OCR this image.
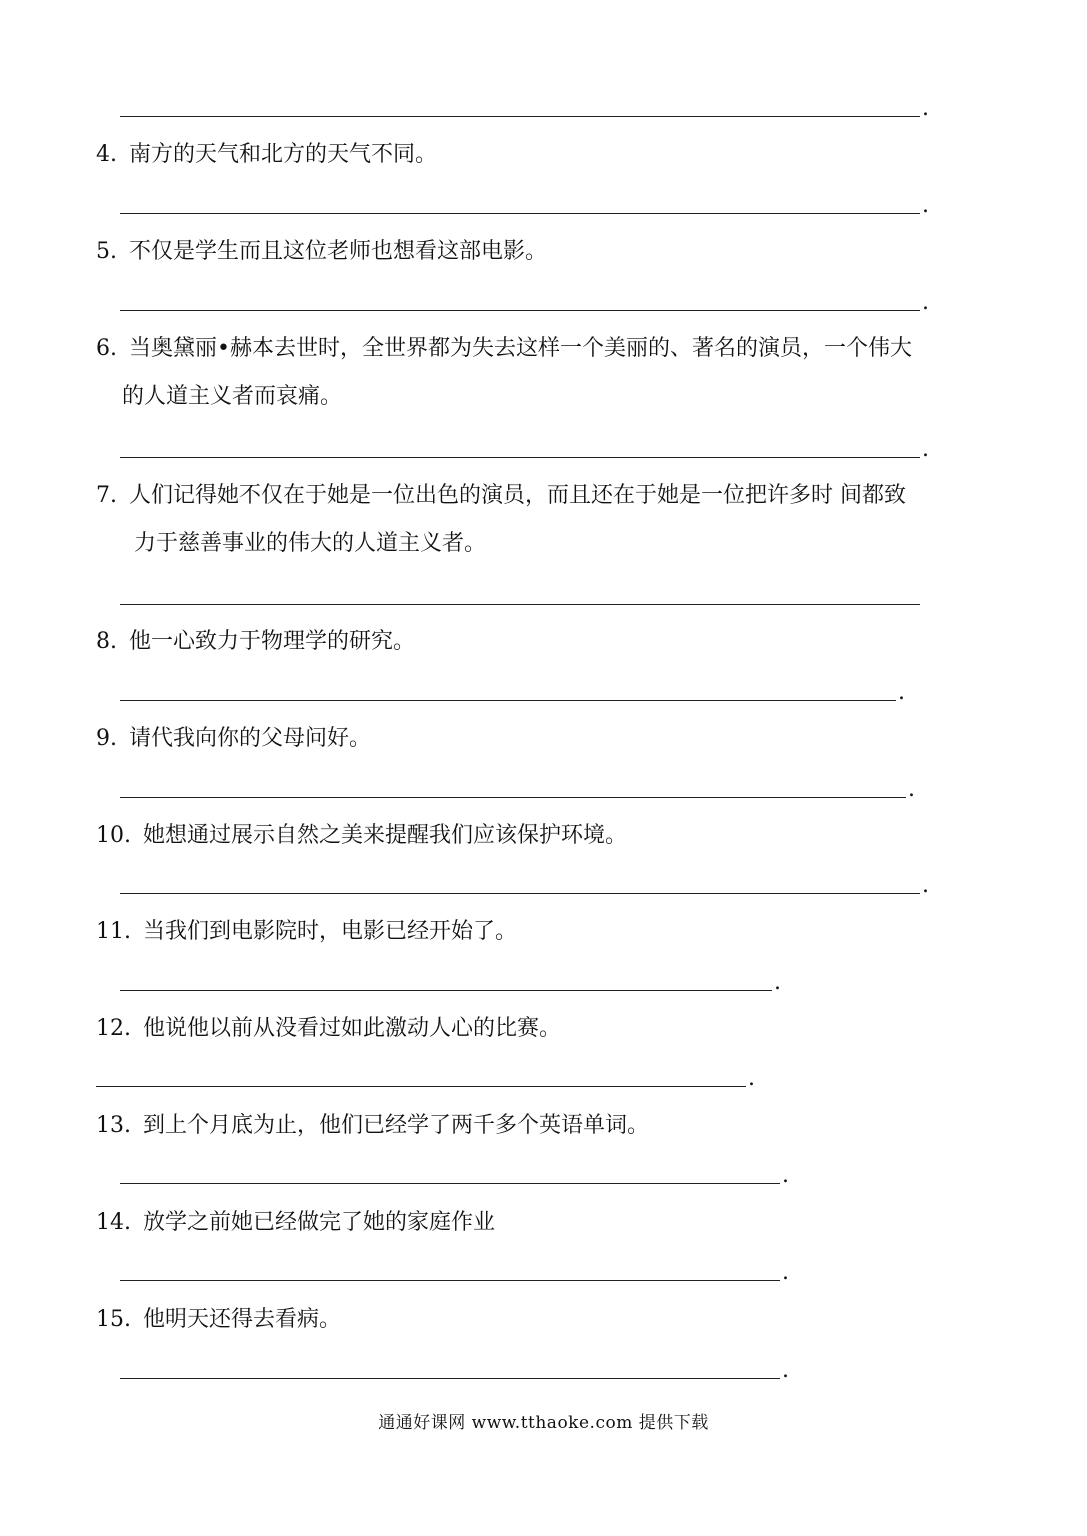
.
4. 南方的天气和北方的天气不同。
.
5. 不仅是学生而且这位老师也想看这部电影。
.
6. 当奥黛丽•赫本去世时，全世界都为失去这样一个美丽的、著名的演员，一个伟大
的人道主义者而哀痛。
.
7. 人们记得她不仅在于她是一位出色的演员，而且还在于她是一位把许多时 间都致
力于慈善事业的伟大的人道主义者。
8. 他一心致力于物理学的研究。
.
9. 请代我向你的父母问好。
.
10. 她想通过展示自然之美来提醒我们应该保护环境。
.
11. 当我们到电影院时，电影已经开始了。
.
12. 他说他以前从没看过如此激动人心的比赛。
.
13. 到上个月底为止，他们已经学了两千多个英语单词。
.
14. 放学之前她已经做完了她的家庭作业
.
15. 他明天还得去看病。
.
通通好课网 www.tthaoke.com 提供下载
